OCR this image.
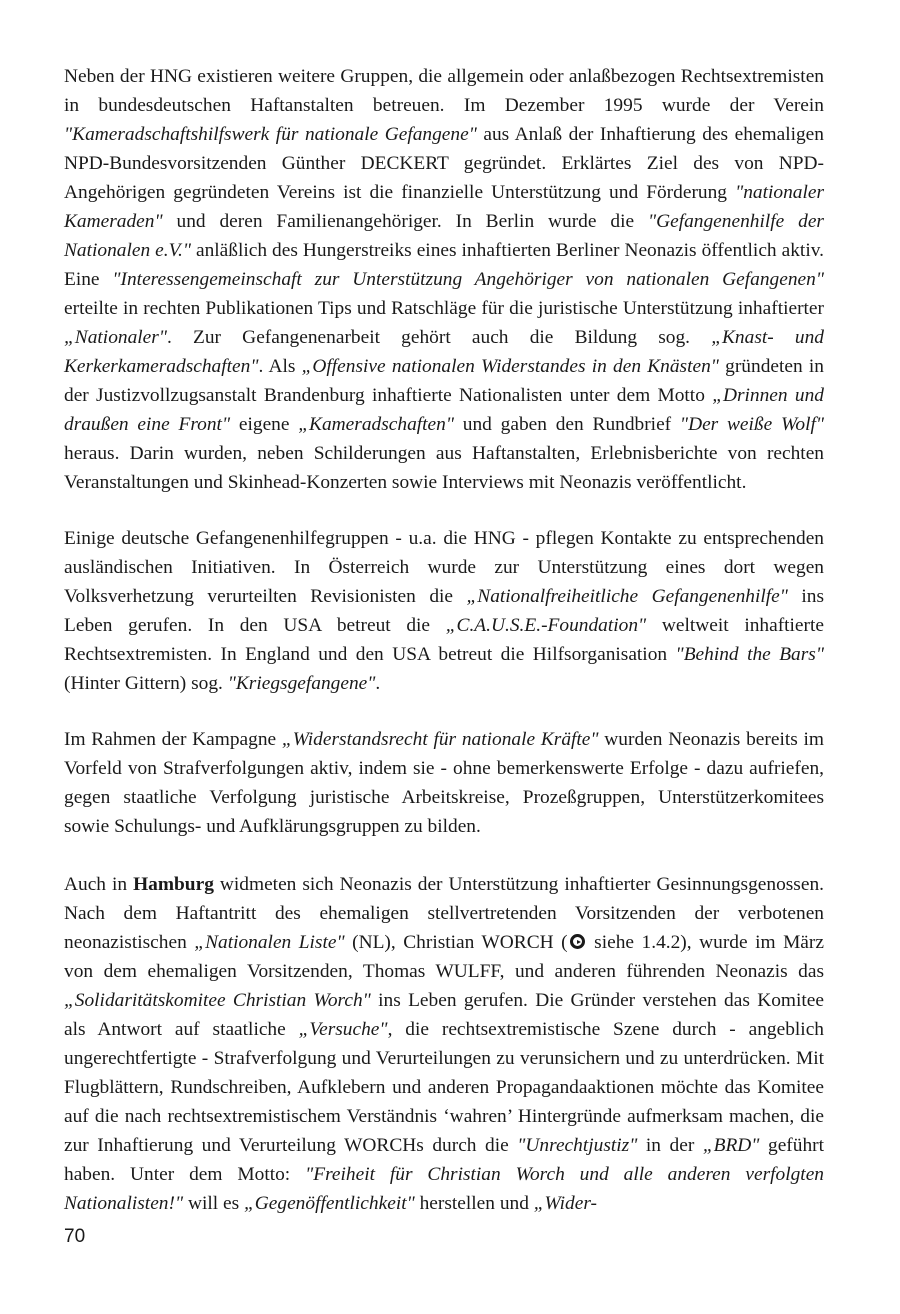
Neben der HNG existieren weitere Gruppen, die allgemein oder anlaßbezogen Rechtsextremisten in bundesdeutschen Haftanstalten betreuen. Im Dezember 1995 wurde der Verein "Kameradschaftshilfswerk für nationale Gefangene" aus Anlaß der Inhaftierung des ehemaligen NPD-Bundesvorsitzenden Günther DECKERT gegründet. Erklärtes Ziel des von NPD-Angehörigen gegründeten Vereins ist die finanzielle Unterstützung und Förderung "nationaler Kameraden" und deren Familienangehöriger. In Berlin wurde die "Gefangenenhilfe der Nationalen e.V." anläßlich des Hungerstreiks eines inhaftierten Berliner Neonazis öffentlich aktiv. Eine "Interessengemeinschaft zur Unterstützung Angehöriger von nationalen Gefangenen" erteilte in rechten Publikationen Tips und Ratschläge für die juristische Unterstützung inhaftierter „Nationaler". Zur Gefangenenarbeit gehört auch die Bildung sog. „Knast- und Kerkerkameradschaften". Als „Offensive nationalen Widerstandes in den Knästen" gründeten in der Justizvollzugsanstalt Brandenburg inhaftierte Nationalisten unter dem Motto „Drinnen und draußen eine Front" eigene „Kameradschaften" und gaben den Rundbrief "Der weiße Wolf" heraus. Darin wurden, neben Schilderungen aus Haftanstalten, Erlebnisberichte von rechten Veranstaltungen und Skinhead-Konzerten sowie Interviews mit Neonazis veröffentlicht.

Einige deutsche Gefangenenhilfegruppen - u.a. die HNG - pflegen Kontakte zu entsprechenden ausländischen Initiativen. In Österreich wurde zur Unterstützung eines dort wegen Volksverhetzung verurteilten Revisionisten die „Nationalfreiheitliche Gefangenenhilfe" ins Leben gerufen. In den USA betreut die „C.A.U.S.E.-Foundation" weltweit inhaftierte Rechtsextremisten. In England und den USA betreut die Hilfsorganisation "Behind the Bars" (Hinter Gittern) sog. "Kriegsgefangene".

Im Rahmen der Kampagne „Widerstandsrecht für nationale Kräfte" wurden Neonazis bereits im Vorfeld von Strafverfolgungen aktiv, indem sie - ohne bemerkenswerte Erfolge - dazu aufriefen, gegen staatliche Verfolgung juristische Arbeitskreise, Prozeßgruppen, Unterstützerkomitees sowie Schulungs- und Aufklärungsgruppen zu bilden.

Auch in Hamburg widmeten sich Neonazis der Unterstützung inhaftierter Gesinnungsgenossen. Nach dem Haftantritt des ehemaligen stellvertretenden Vorsitzenden der verbotenen neonazistischen „Nationalen Liste" (NL), Christian WORCH ( siehe 1.4.2), wurde im März von dem ehemaligen Vorsitzenden, Thomas WULFF, und anderen führenden Neonazis das „Solidaritätskomitee Christian Worch" ins Leben gerufen. Die Gründer verstehen das Komitee als Antwort auf staatliche „Versuche", die rechtsextremistische Szene durch - angeblich ungerechtfertigte - Strafverfolgung und Verurteilungen zu verunsichern und zu unterdrücken. Mit Flugblättern, Rundschreiben, Aufklebern und anderen Propagandaaktionen möchte das Komitee auf die nach rechtsextremistischem Verständnis ‘wahren’ Hintergründe aufmerksam machen, die zur Inhaftierung und Verurteilung WORCHs durch die "Unrechtjustiz" in der „BRD" geführt haben. Unter dem Motto: "Freiheit für Christian Worch und alle anderen verfolgten Nationalisten!" will es „Gegenöffentlichkeit" herstellen und „Wider-

70
